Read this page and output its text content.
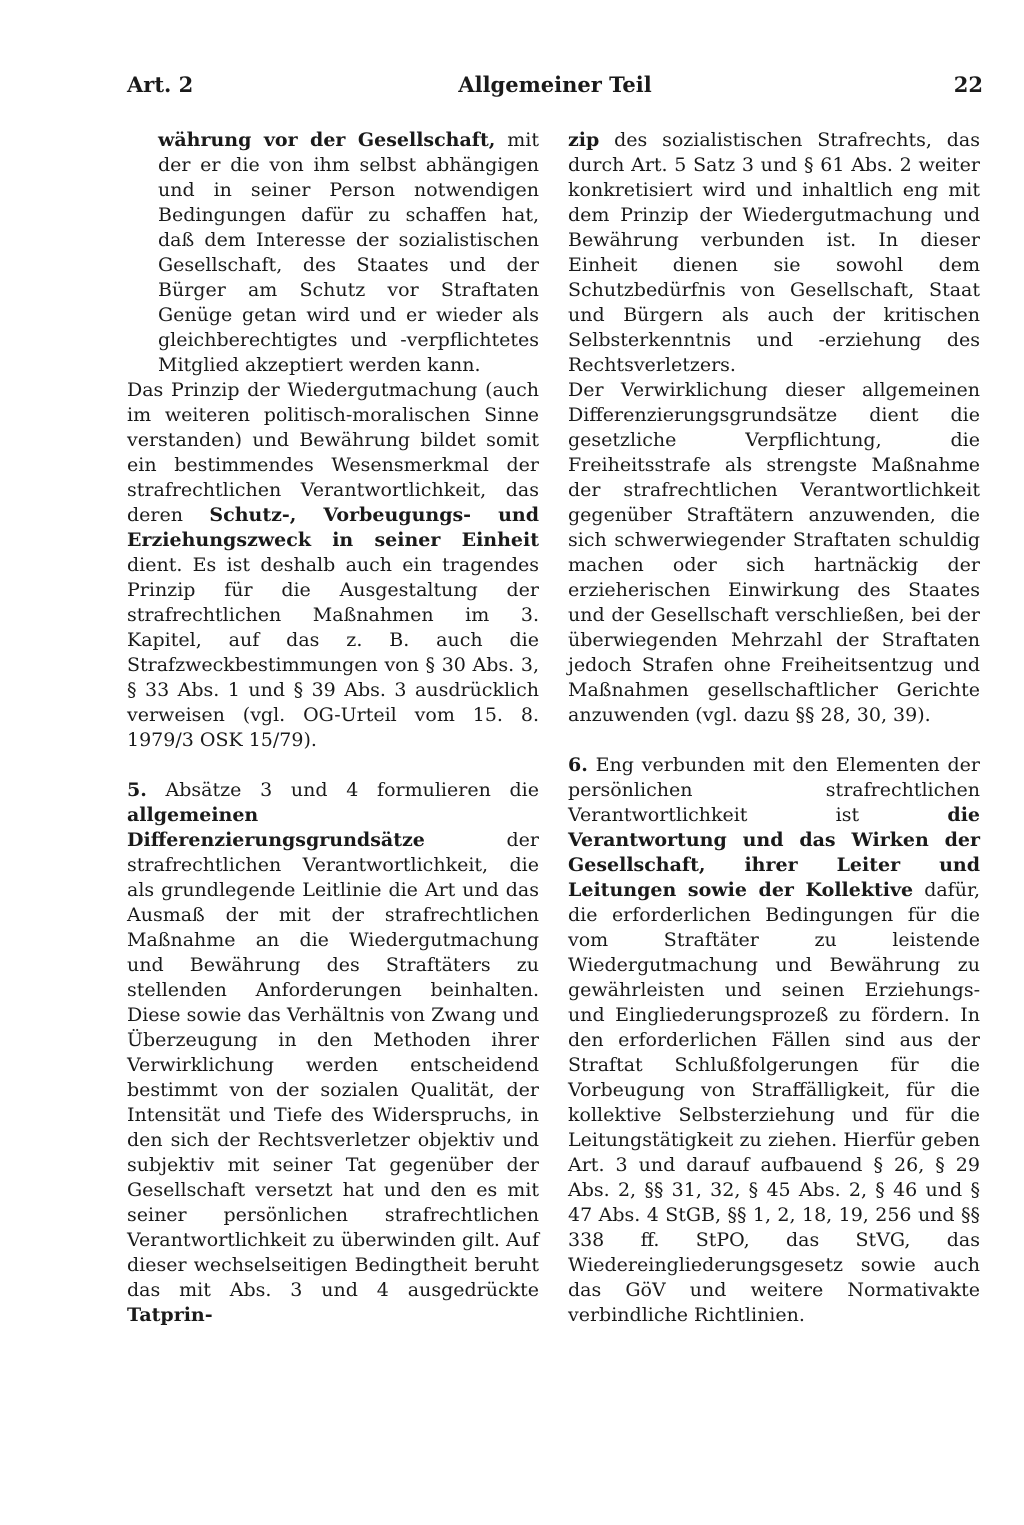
Art. 2	Allgemeiner Teil	22

währung vor der Gesellschaft, mit der er die von ihm selbst abhängigen und in seiner Person notwendigen Bedingungen dafür zu schaffen hat, daß dem Interesse der sozialistischen Gesellschaft, des Staates und der Bürger am Schutz vor Straftaten Genüge getan wird und er wieder als gleichberechtigtes und -verpflichtetes Mitglied akzeptiert werden kann.

Das Prinzip der Wiedergutmachung (auch im weiteren politisch-moralischen Sinne verstanden) und Bewährung bildet somit ein bestimmendes Wesensmerkmal der strafrechtlichen Verantwortlichkeit, das deren Schutz-, Vorbeugungs- und Erziehungszweck in seiner Einheit dient. Es ist deshalb auch ein tragendes Prinzip für die Ausgestaltung der strafrechtlichen Maßnahmen im 3. Kapitel, auf das z. B. auch die Strafzweckbestimmungen von § 30 Abs. 3, § 33 Abs. 1 und § 39 Abs. 3 ausdrücklich verweisen (vgl. OG-Urteil vom 15. 8. 1979/3 OSK 15/79).

5. Absätze 3 und 4 formulieren die allgemeinen Differenzierungsgrundsätze der strafrechtlichen Verantwortlichkeit, die als grundlegende Leitlinie die Art und das Ausmaß der mit der strafrechtlichen Maßnahme an die Wiedergutmachung und Bewährung des Straftäters zu stellenden Anforderungen beinhalten. Diese sowie das Verhältnis von Zwang und Überzeugung in den Methoden ihrer Verwirklichung werden entscheidend bestimmt von der sozialen Qualität, der Intensität und Tiefe des Widerspruchs, in den sich der Rechtsverletzer objektiv und subjektiv mit seiner Tat gegenüber der Gesellschaft versetzt hat und den es mit seiner persönlichen strafrechtlichen Verantwortlichkeit zu überwinden gilt. Auf dieser wechselseitigen Bedingtheit beruht das mit Abs. 3 und 4 ausgedrückte Tatprin-

zip des sozialistischen Strafrechts, das durch Art. 5 Satz 3 und § 61 Abs. 2 weiter konkretisiert wird und inhaltlich eng mit dem Prinzip der Wiedergutmachung und Bewährung verbunden ist. In dieser Einheit dienen sie sowohl dem Schutzbedürfnis von Gesellschaft, Staat und Bürgern als auch der kritischen Selbsterkenntnis und -erziehung des Rechtsverletzers.

Der Verwirklichung dieser allgemeinen Differenzierungsgrundsätze dient die gesetzliche Verpflichtung, die Freiheitsstrafe als strengste Maßnahme der strafrechtlichen Verantwortlichkeit gegenüber Straftätern anzuwenden, die sich schwerwiegender Straftaten schuldig machen oder sich hartnäckig der erzieherischen Einwirkung des Staates und der Gesellschaft verschließen, bei der überwiegenden Mehrzahl der Straftaten jedoch Strafen ohne Freiheitsentzug und Maßnahmen gesellschaftlicher Gerichte anzuwenden (vgl. dazu §§ 28, 30, 39).

6. Eng verbunden mit den Elementen der persönlichen strafrechtlichen Verantwortlichkeit ist die Verantwortung und das Wirken der Gesellschaft, ihrer Leiter und Leitungen sowie der Kollektive dafür, die erforderlichen Bedingungen für die vom Straftäter zu leistende Wiedergutmachung und Bewährung zu gewährleisten und seinen Erziehungs- und Eingliederungsprozeß zu fördern. In den erforderlichen Fällen sind aus der Straftat Schlußfolgerungen für die Vorbeugung von Straffälligkeit, für die kollektive Selbsterziehung und für die Leitungstätigkeit zu ziehen. Hierfür geben Art. 3 und darauf aufbauend § 26, § 29 Abs. 2, §§ 31, 32, § 45 Abs. 2, § 46 und § 47 Abs. 4 StGB, §§ 1, 2, 18, 19, 256 und §§ 338 ff. StPO, das StVG, das Wiedereingliederungsgesetz sowie auch das GöV und weitere Normativakte verbindliche Richtlinien.
